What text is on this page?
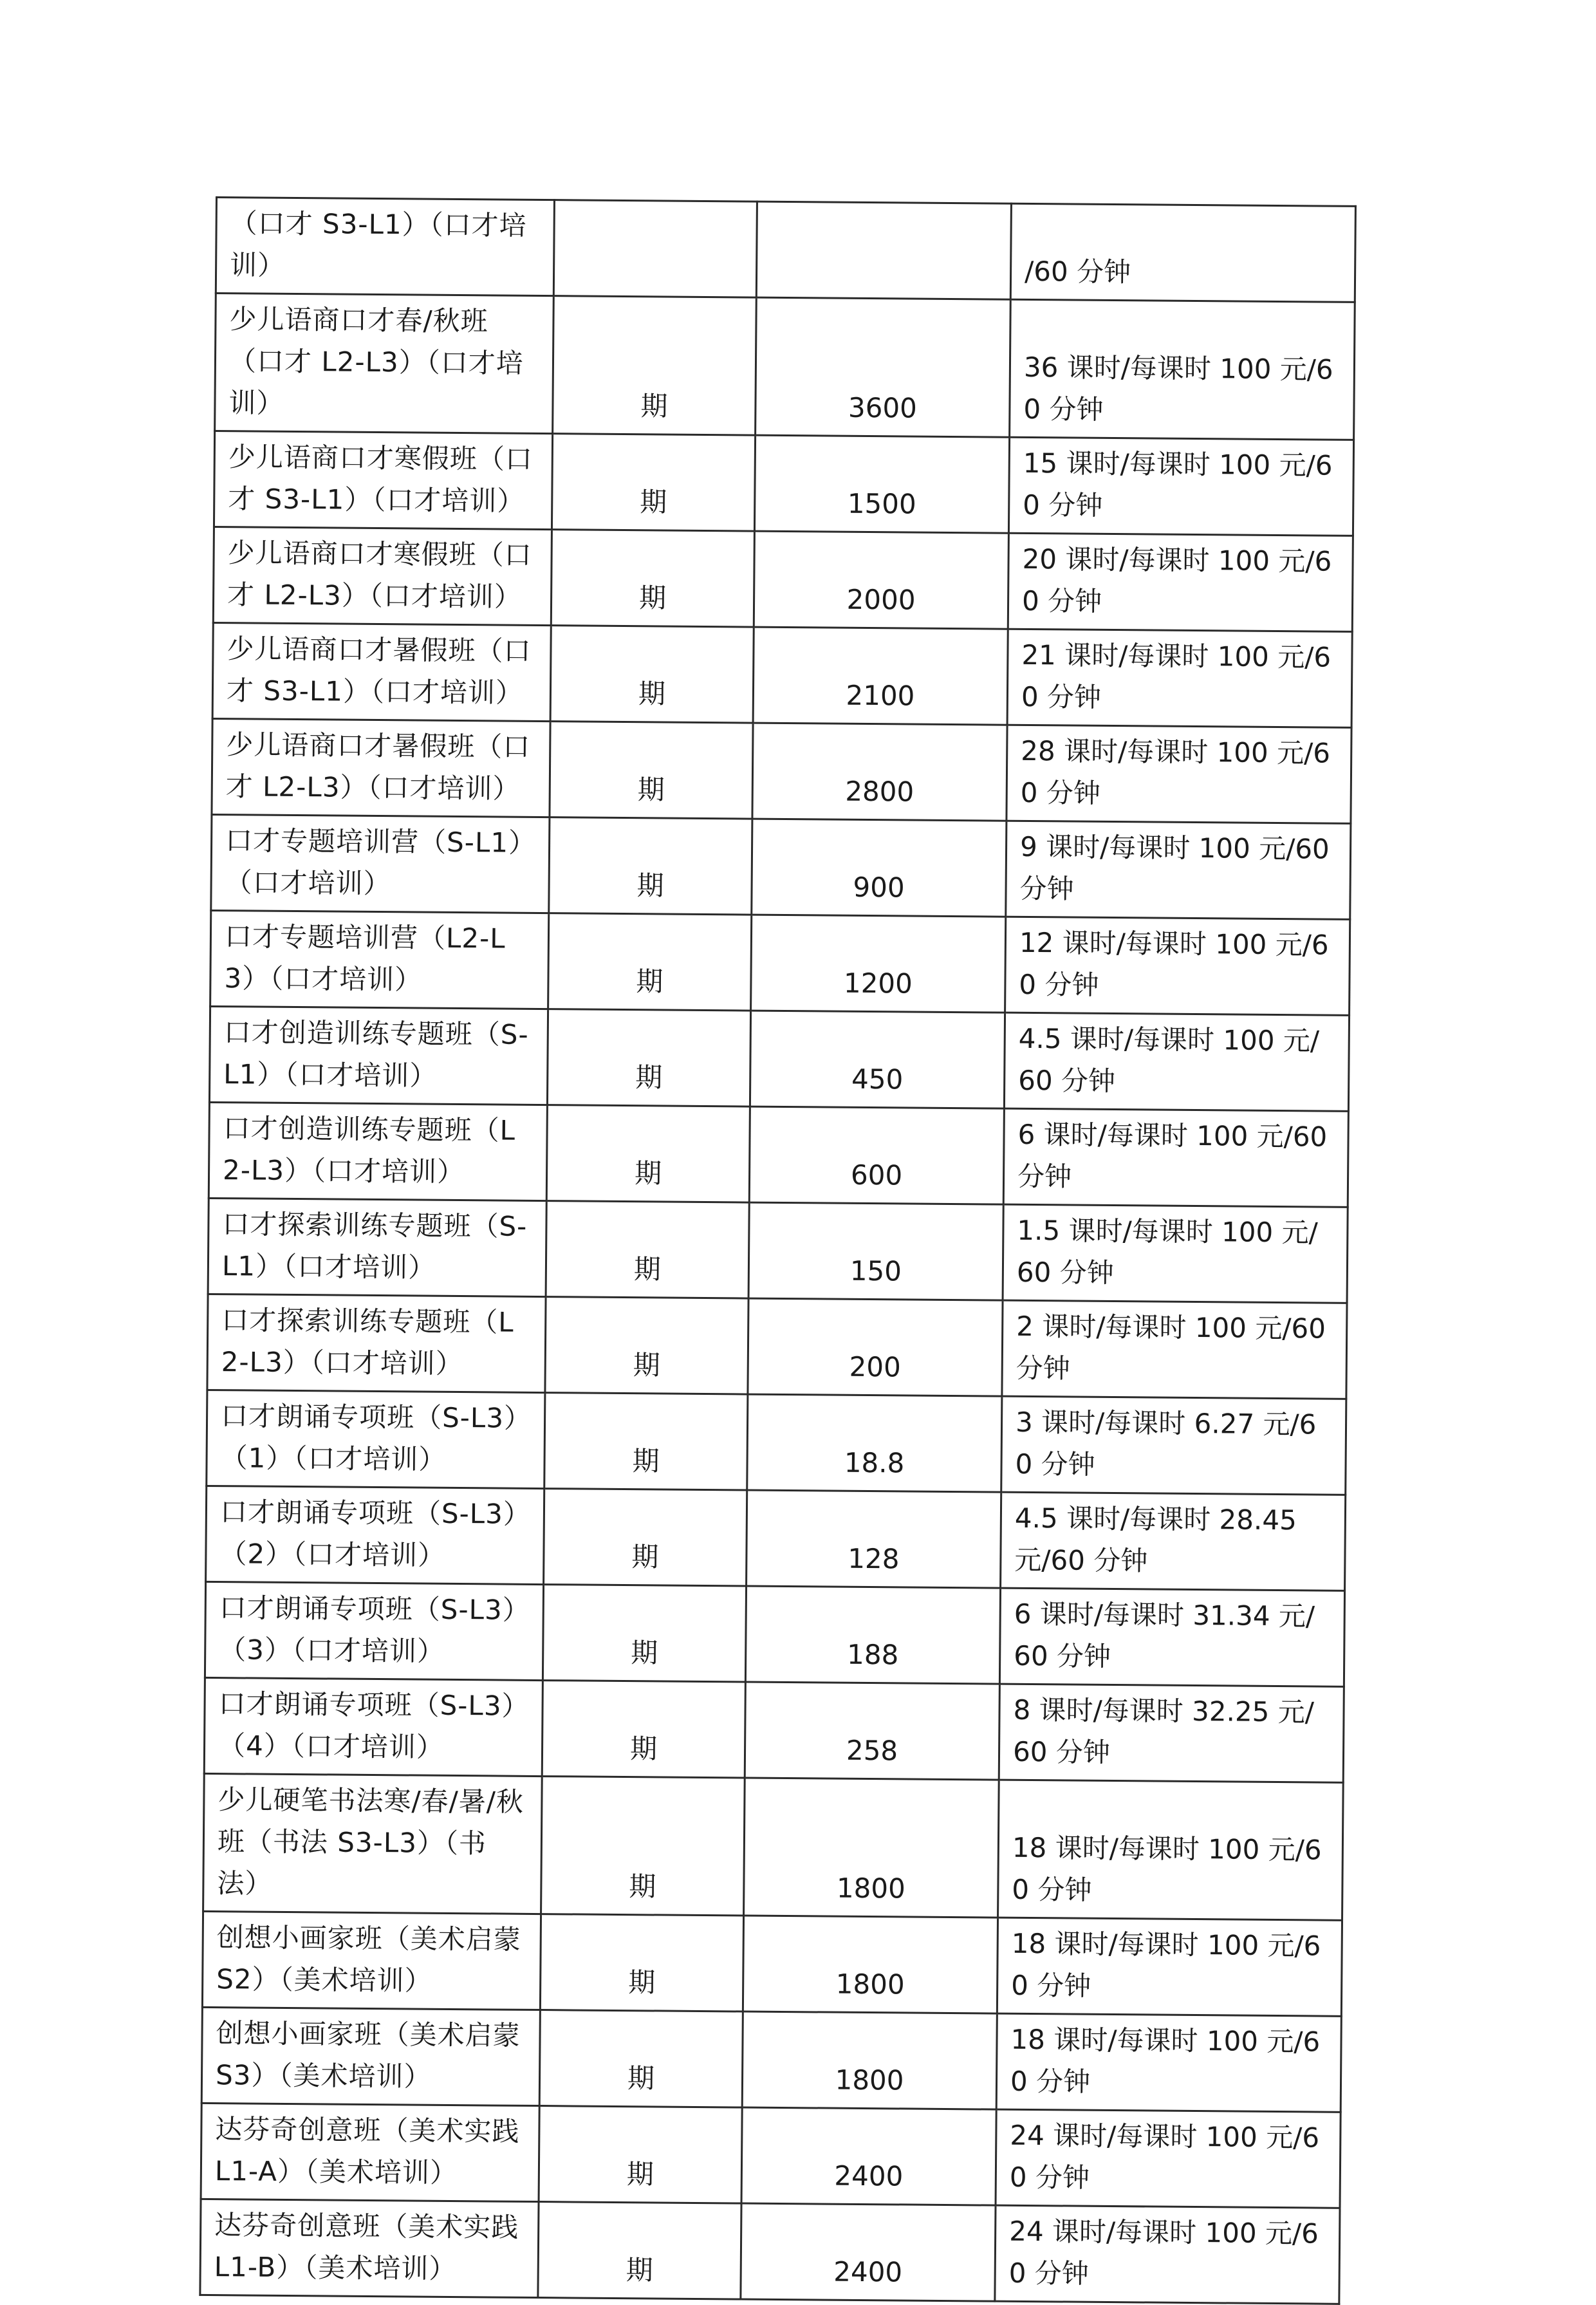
（口才 S3-L1）（口才培训）			/60 分钟
少儿语商口才春/秋班（口才 L2-L3）（口才培训）	期	3600	36 课时/每课时 100 元/60 分钟
少儿语商口才寒假班（口才 S3-L1）（口才培训）	期	1500	15 课时/每课时 100 元/60 分钟
少儿语商口才寒假班（口才 L2-L3）（口才培训）	期	2000	20 课时/每课时 100 元/60 分钟
少儿语商口才暑假班（口才 S3-L1）（口才培训）	期	2100	21 课时/每课时 100 元/60 分钟
少儿语商口才暑假班（口才 L2-L3）（口才培训）	期	2800	28 课时/每课时 100 元/60 分钟
口才专题培训营（S-L1）（口才培训）	期	900	9 课时/每课时 100 元/60 分钟
口才专题培训营（L2-L3）（口才培训）	期	1200	12 课时/每课时 100 元/60 分钟
口才创造训练专题班（S-L1）（口才培训）	期	450	4.5 课时/每课时 100 元/60 分钟
口才创造训练专题班（L2-L3）（口才培训）	期	600	6 课时/每课时 100 元/60 分钟
口才探索训练专题班（S-L1）（口才培训）	期	150	1.5 课时/每课时 100 元/60 分钟
口才探索训练专题班（L2-L3）（口才培训）	期	200	2 课时/每课时 100 元/60 分钟
口才朗诵专项班（S-L3）（1）（口才培训）	期	18.8	3 课时/每课时 6.27 元/60 分钟
口才朗诵专项班（S-L3）（2）（口才培训）	期	128	4.5 课时/每课时 28.45 元/60 分钟
口才朗诵专项班（S-L3）（3）（口才培训）	期	188	6 课时/每课时 31.34 元/60 分钟
口才朗诵专项班（S-L3）（4）（口才培训）	期	258	8 课时/每课时 32.25 元/60 分钟
少儿硬笔书法寒/春/暑/秋班（书法 S3-L3）（书法）	期	1800	18 课时/每课时 100 元/60 分钟
创想小画家班（美术启蒙 S2）（美术培训）	期	1800	18 课时/每课时 100 元/60 分钟
创想小画家班（美术启蒙 S3）（美术培训）	期	1800	18 课时/每课时 100 元/60 分钟
达芬奇创意班（美术实践 L1-A）（美术培训）	期	2400	24 课时/每课时 100 元/60 分钟
达芬奇创意班（美术实践 L1-B）（美术培训）	期	2400	24 课时/每课时 100 元/60 分钟
